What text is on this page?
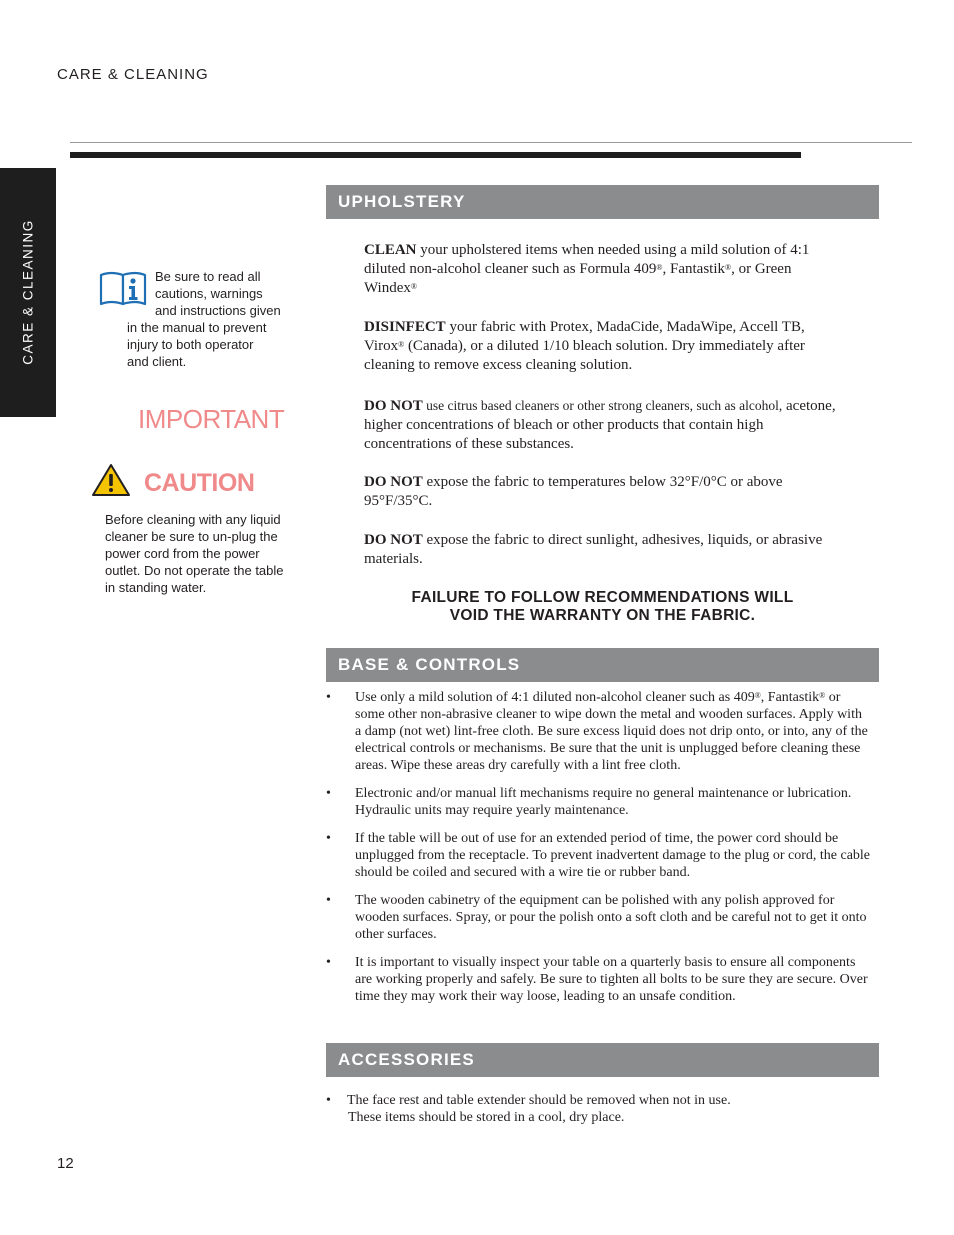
CARE & CLEANING
CARE & CLEANING	Be sure to read all
cautions, warnings
and instructions given
in the manual to prevent
injury to both operator
and client.
IMPORTANT
CAUTION
Before cleaning with any liquid cleaner be sure to un-plug the power cord from the power outlet. Do not operate the table in standing water.
UPHOLSTERY
CLEAN your upholstered items when needed using a mild solution of 4:1 diluted non-alcohol cleaner such as Formula 409®, Fantastik®, or Green Windex®
DISINFECT your fabric with Protex, MadaCide, MadaWipe, Accell TB, Virox® (Canada), or a diluted 1/10 bleach solution. Dry immediately after cleaning to remove excess cleaning solution.
DO NOT use citrus based cleaners or other strong cleaners, such as alcohol, acetone, higher concentrations of bleach or other products that contain high concentrations of these substances.
DO NOT expose the fabric to temperatures below 32°F/0°C or above 95°F/35°C.
DO NOT expose the fabric to direct sunlight, adhesives, liquids, or abrasive materials.
FAILURE TO FOLLOW RECOMMENDATIONS WILL
VOID THE WARRANTY ON THE FABRIC.
BASE & CONTROLS
• Use only a mild solution of 4:1 diluted non-alcohol cleaner such as 409®, Fantastik® or some other non-abrasive cleaner to wipe down the metal and wooden surfaces. Apply with a damp (not wet) lint-free cloth. Be sure excess liquid does not drip onto, or into, any of the electrical controls or mechanisms. Be sure that the unit is unplugged before cleaning these areas. Wipe these areas dry carefully with a lint free cloth.
• Electronic and/or manual lift mechanisms require no general maintenance or lubrication. Hydraulic units may require yearly maintenance.
• If the table will be out of use for an extended period of time, the power cord should be unplugged from the receptacle. To prevent inadvertent damage to the plug or cord, the cable should be coiled and secured with a wire tie or rubber band.
• The wooden cabinetry of the equipment can be polished with any polish approved for wooden surfaces. Spray, or pour the polish onto a soft cloth and be careful not to get it onto other surfaces.
• It is important to visually inspect your table on a quarterly basis to ensure all components are working properly and safely. Be sure to tighten all bolts to be sure they are secure. Over time they may work their way loose, leading to an unsafe condition.
ACCESSORIES
• The face rest and table extender should be removed when not in use.
These items should be stored in a cool, dry place.
12
